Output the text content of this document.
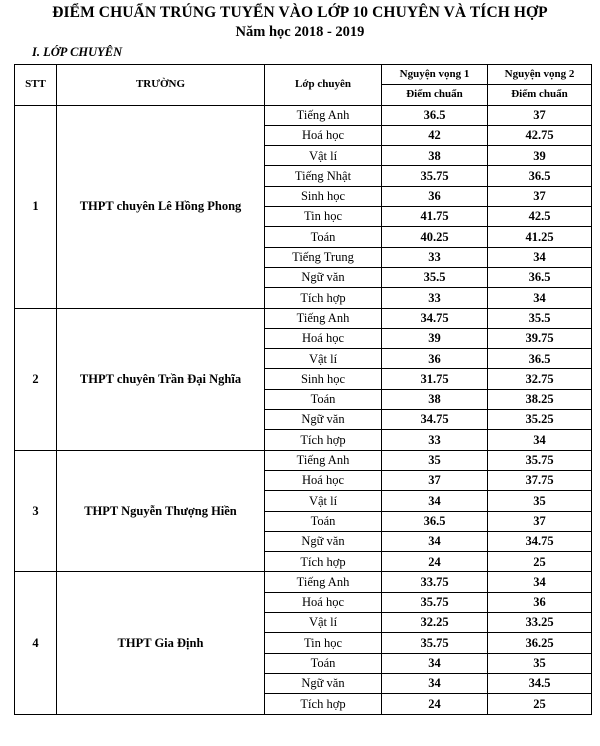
ĐIỂM CHUẨN TRÚNG TUYỂN VÀO LỚP 10 CHUYÊN VÀ TÍCH HỢP
Năm học 2018 - 2019
I. LỚP CHUYÊN
STT	TRƯỜNG	Lớp chuyên	Nguyện vọng 1	Nguyện vọng 2
			Điểm chuẩn	Điểm chuẩn
1	THPT chuyên Lê Hồng Phong	Tiếng Anh	36.5	37
		Hoá học	42	42.75
		Vật lí	38	39
		Tiếng Nhật	35.75	36.5
		Sinh học	36	37
		Tin học	41.75	42.5
		Toán	40.25	41.25
		Tiếng Trung	33	34
		Ngữ văn	35.5	36.5
		Tích hợp	33	34
2	THPT chuyên Trần Đại Nghĩa	Tiếng Anh	34.75	35.5
		Hoá học	39	39.75
		Vật lí	36	36.5
		Sinh học	31.75	32.75
		Toán	38	38.25
		Ngữ văn	34.75	35.25
		Tích hợp	33	34
3	THPT Nguyễn Thượng Hiền	Tiếng Anh	35	35.75
		Hoá học	37	37.75
		Vật lí	34	35
		Toán	36.5	37
		Ngữ văn	34	34.75
		Tích hợp	24	25
4	THPT Gia Định	Tiếng Anh	33.75	34
		Hoá học	35.75	36
		Vật lí	32.25	33.25
		Tin học	35.75	36.25
		Toán	34	35
		Ngữ văn	34	34.5
		Tích hợp	24	25
